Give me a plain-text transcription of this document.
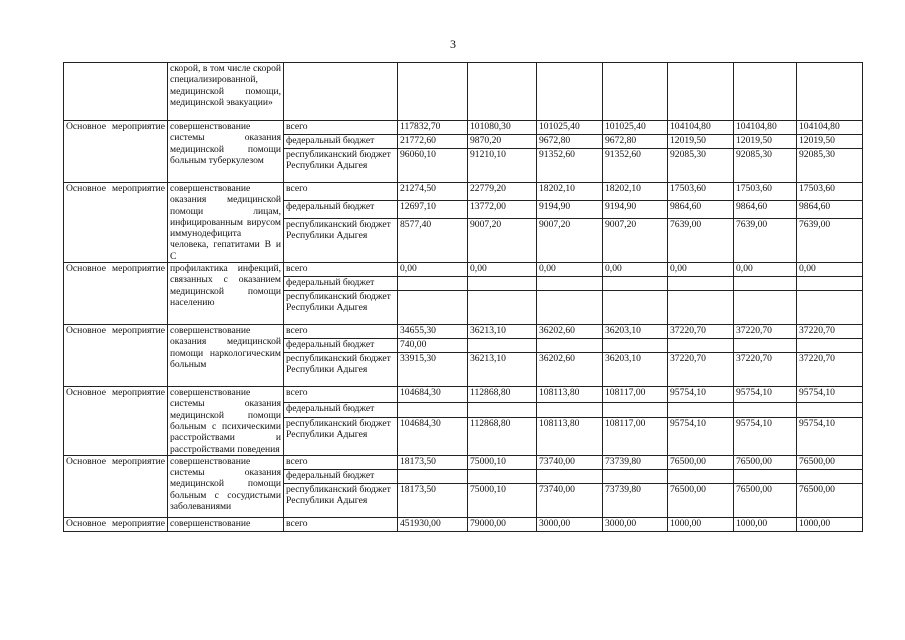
3
	скорой, в том числе скорой специализированной, медицинской помощи, медицинской эвакуации»								
Основное мероприятие	совершенствование системы оказания медицинской помощи больным туберкулезом	всего	117832,70	101080,30	101025,40	101025,40	104104,80	104104,80	104104,80
		федеральный бюджет	21772,60	9870,20	9672,80	9672,80	12019,50	12019,50	12019,50
		республиканский бюджет Республики Адыгея	96060,10	91210,10	91352,60	91352,60	92085,30	92085,30	92085,30
Основное мероприятие	совершенствование оказания медицинской помощи лицам, инфицированным вирусом иммунодефицита человека, гепатитами В и С	всего	21274,50	22779,20	18202,10	18202,10	17503,60	17503,60	17503,60
		федеральный бюджет	12697,10	13772,00	9194,90	9194,90	9864,60	9864,60	9864,60
		республиканский бюджет Республики Адыгея	8577,40	9007,20	9007,20	9007,20	7639,00	7639,00	7639,00
Основное мероприятие	профилактика инфекций, связанных с оказанием медицинской помощи населению	всего	0,00	0,00	0,00	0,00	0,00	0,00	0,00
		федеральный бюджет							
		республиканский бюджет Республики Адыгея							
Основное мероприятие	совершенствование оказания медицинской помощи наркологическим больным	всего	34655,30	36213,10	36202,60	36203,10	37220,70	37220,70	37220,70
		федеральный бюджет	740,00						
		республиканский бюджет Республики Адыгея	33915,30	36213,10	36202,60	36203,10	37220,70	37220,70	37220,70
Основное мероприятие	совершенствование системы оказания медицинской помощи больным с психическими расстройствами и расстройствами поведения	всего	104684,30	112868,80	108113,80	108117,00	95754,10	95754,10	95754,10
		федеральный бюджет							
		республиканский бюджет Республики Адыгея	104684,30	112868,80	108113,80	108117,00	95754,10	95754,10	95754,10
Основное мероприятие	совершенствование системы оказания медицинской помощи больным с сосудистыми заболеваниями	всего	18173,50	75000,10	73740,00	73739,80	76500,00	76500,00	76500,00
		федеральный бюджет							
		республиканский бюджет Республики Адыгея	18173,50	75000,10	73740,00	73739,80	76500,00	76500,00	76500,00
Основное мероприятие	совершенствование	всего	451930,00	79000,00	3000,00	3000,00	1000,00	1000,00	1000,00
